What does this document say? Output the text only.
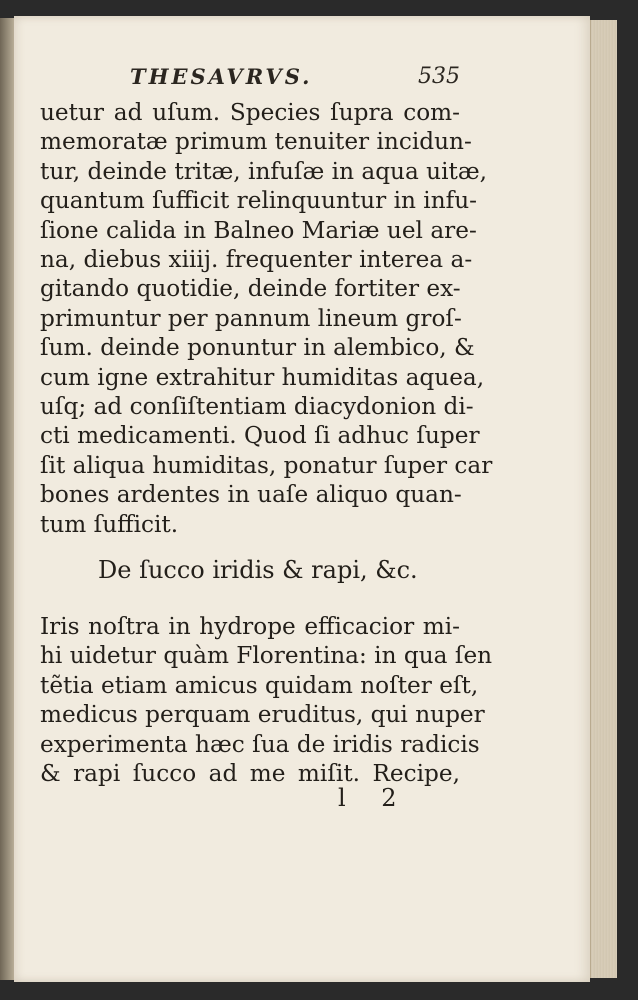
THESAVRVS.	535
uetur ad uſum. Species ſupra com-
memoratæ primum tenuiter incidun-
tur, deinde tritæ, infuſæ in aqua uitæ,
quantum ſufficit relinquuntur in infu-
ſione calida in Balneo Mariæ uel are-
na, diebus xiiij. frequenter interea a-
gitando quotidie, deinde fortiter ex-
primuntur per pannum lineum groſ-
ſum. deinde ponuntur in alembico, &
cum igne extrahitur humiditas aquea,
uſq; ad conſiſtentiam diacydonion di-
cti medicamenti. Quod ſi adhuc ſuper
ſit aliqua humiditas, ponatur ſuper car
bones ardentes in uaſe aliquo quan-
tum ſufficit.
De ſucco iridis & rapi, &c.
Iris noſtra in hydrope efficacior mi-
hi uidetur quàm Florentina: in qua ſen
tẽtia etiam amicus quidam noſter eſt,
medicus perquam eruditus, qui nuper
experimenta hæc ſua de iridis radicis
& rapi ſucco ad me miſit. Recipe,
l 2
